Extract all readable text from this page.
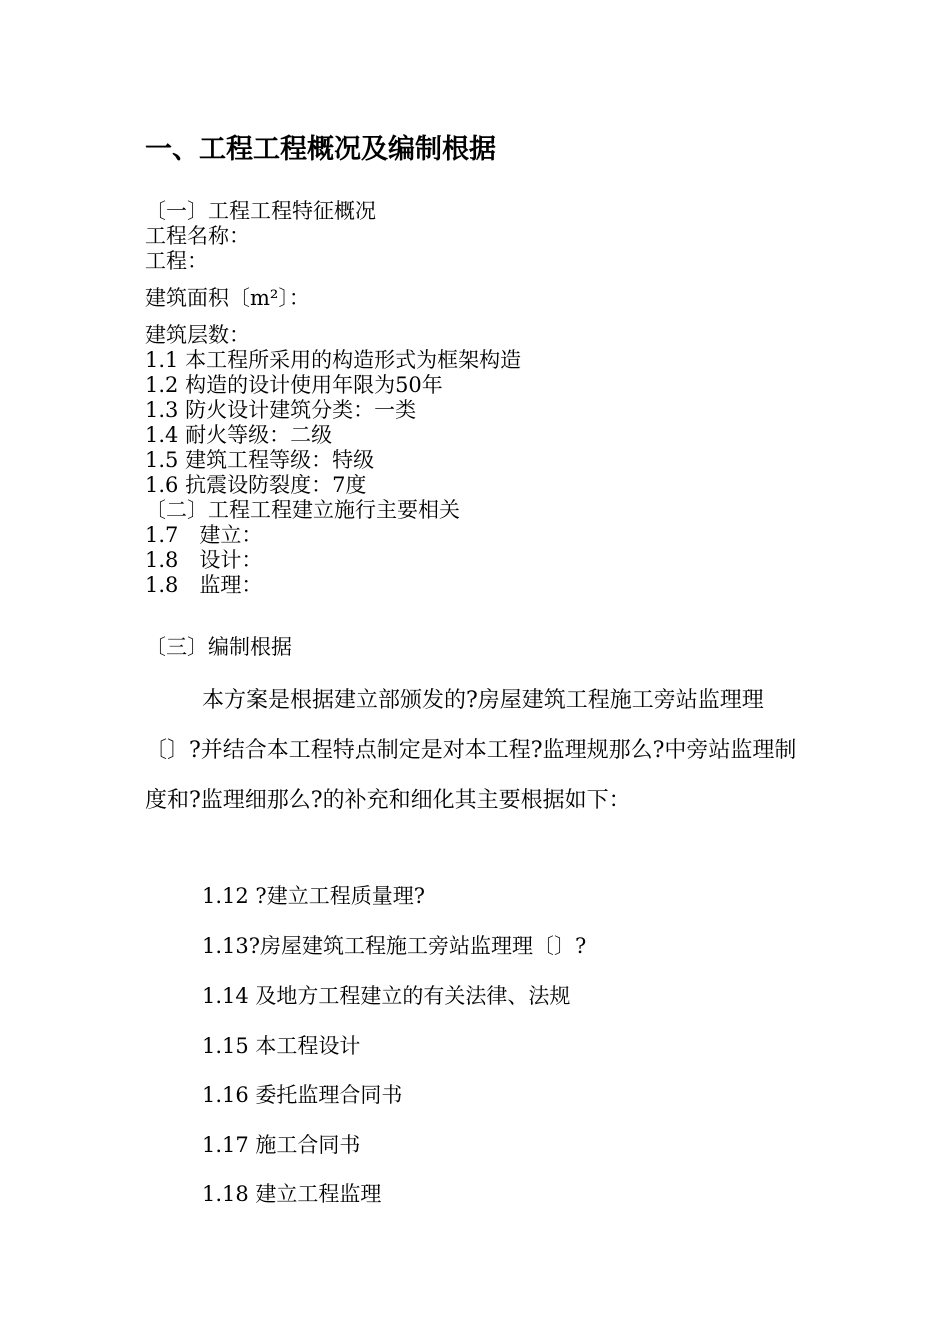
一、工程工程概况及编制根据
〔一〕工程工程特征概况
工程名称：
工程：
建筑面积〔m²〕：
建筑层数：
1.1 本工程所采用的构造形式为框架构造
1.2 构造的设计使用年限为50年
1.3 防火设计建筑分类：一类
1.4 耐火等级：二级
1.5 建筑工程等级：特级
1.6 抗震设防裂度：7度
〔二〕工程工程建立施行主要相关
1.7　建立：
1.8　设计：
1.8　监理：
〔三〕编制根据

本方案是根据建立部颁发的?房屋建筑工程施工旁站监理理〔〕?并结合本工程特点制定是对本工程?监理规那么?中旁站监理制度和?监理细那么?的补充和细化其主要根据如下：

1.12 ?建立工程质量理?
1.13?房屋建筑工程施工旁站监理理〔〕?
1.14 及地方工程建立的有关法律、法规
1.15 本工程设计
1.16 委托监理合同书
1.17 施工合同书
1.18 建立工程监理
